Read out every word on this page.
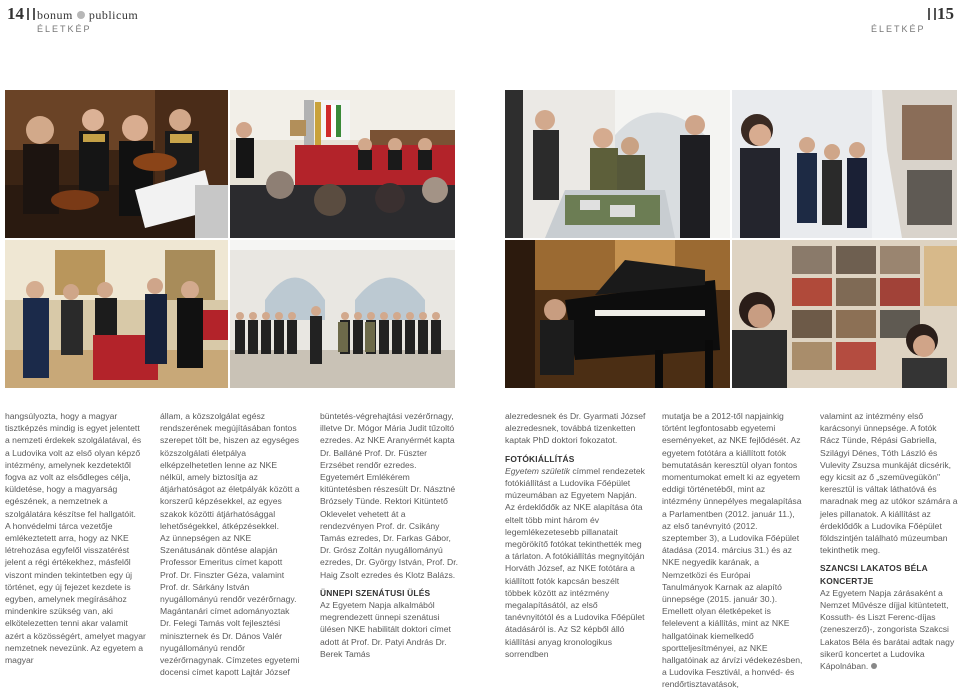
14 bonum publicum
ÉLETKÉP	ÉLETKÉP
15

hangsúlyozta, hogy a magyar tisztképzés mindig is egyet jelentett a nemzeti érdekek szolgálatával, és a Ludovika volt az első olyan képző intézmény, amelynek kezdetektől fogva az volt az elsődleges célja, küldetése, hogy a magyarság egészének, a nemzetnek a szolgálatára készítse fel hallgatóit.

A honvédelmi tárca vezetője emlékeztetett arra, hogy az NKE létrehozása egyfelől visszatérést jelent a régi értékekhez, másfelől viszont minden tekintetben egy új történet, egy új fejezet kezdete is egyben, amelynek megírásához mindenkire szükség van, aki elkötelezetten tenni akar valamit azért a közösségért, amelyet magyar nemzetnek nevezünk. Az egyetem a magyar

állam, a közszolgálat egész rendszerének megújításában fontos szerepet tölt be, hiszen az egységes közszolgálati életpálya elképzelhetetlen lenne az NKE nélkül, amely biztosítja az átjárhatóságot az életpályák között a korszerű képzésekkel, az egyes szakok közötti átjárhatósággal lehetőségekkel, átképzésekkel.

Az ünnepségen az NKE Szenátusának döntése alapján Professor Emeritus címet kapott Prof. Dr. Finszter Géza, valamint Prof. dr. Sárkány István nyugállományú rendőr vezérőrnagy. Magántanári címet adományoztak Dr. Felegi Tamás volt fejlesztési miniszternek és Dr. Dános Valér nyugállományú rendőr vezérőrnagynak. Címzetes egyetemi docensi címet kapott Lajtár József

büntetés-végrehajtási vezérőrnagy, illetve Dr. Mógor Mária Judit tűzoltó ezredes. Az NKE Aranyérmét kapta Dr. Balláné Prof. Dr. Füszter Erzsébet rendőr ezredes. Egyetemért Emlékérem kitüntetésben részesült Dr. Násztné Brózsely Tünde. Rektori Kitüntető Oklevelet vehetett át a rendezvényen Prof. dr. Csikány Tamás ezredes, Dr. Farkas Gábor, Dr. Grósz Zoltán nyugállományú ezredes, Dr. György István, Prof. Dr. Haig Zsolt ezredes és Klotz Balázs.

ÜNNEPI SZENÁTUSI ÜLÉS

Az Egyetem Napja alkalmából megrendezett ünnepi szenátusi ülésen NKE habilitált doktori címet adott át Prof. Dr. Patyi András Dr. Berek Tamás

alezredesnek és Dr. Gyarmati József alezredesnek, továbbá tizenketten kaptak PhD doktori fokozatot.

FOTÓKIÁLLÍTÁS

Egyetem születik címmel rendezetek fotókiállítást a Ludovika Főépület múzeumában az Egyetem Napján. Az érdeklődők az NKE alapítása óta eltelt több mint három év legemlékezetesebb pillanatait megörökítő fotókat tekinthették meg a tárlaton. A fotókiállítás megnyitóján Horváth József, az NKE fotótára a kiállított fotók kapcsán beszélt többek között az intézmény megalapításától, az első tanévnyitótól és a Ludovika Főépület átadásáról is. Az S2 képből álló kiállítási anyag kronologikus sorrendben

mutatja be a 2012-től napjainkig történt legfontosabb egyetemi eseményeket, az NKE fejlődését. Az egyetem fotótára a kiállított fotók bemutatásán keresztül olyan fontos momentumokat emelt ki az egyetem eddigi történetéből, mint az intézmény ünnepélyes megalapítása a Parlamentben (2012. január 11.), az első tanévnyitó (2012. szeptember 3), a Ludovika Főépület átadása (2014. március 31.) és az NKE negyedik karának, a Nemzetközi és Európai Tanulmányok Karnak az alapító ünnepsége (2015. január 30.). Emellett olyan életképeket is felelevent a kiállítás, mint az NKE hallgatóinak kiemelkedő sportteljesítményei, az NKE hallgatóinak az árvízi védekezésben, a Ludovika Fesztivál, a honvéd- és rendőrtisztavatások,

valamint az intézmény első karácsonyi ünnepsége. A fotók Rácz Tünde, Répási Gabriella, Szilágyi Dénes, Tóth László és Vulevity Zsuzsa munkáját dicsérik, egy kicsit az ő „szemüvegükön" keresztül is váltak láthatóvá és maradnak meg az utókor számára a jeles pillanatok. A kiállítást az érdeklődők a Ludovika Főépület földszintjén található múzeumban tekinthetik meg.

SZANCSI LAKATOS BÉLA KONCERTJE

Az Egyetem Napja zárásaként a Nemzet Művésze díjjal kitüntetett, Kossuth- és Liszt Ferenc-díjas (zeneszerző)-, zongorista Szakcsi Lakatos Béla és barátai adtak nagy sikerű koncertet a Ludovika Kápolnában.
